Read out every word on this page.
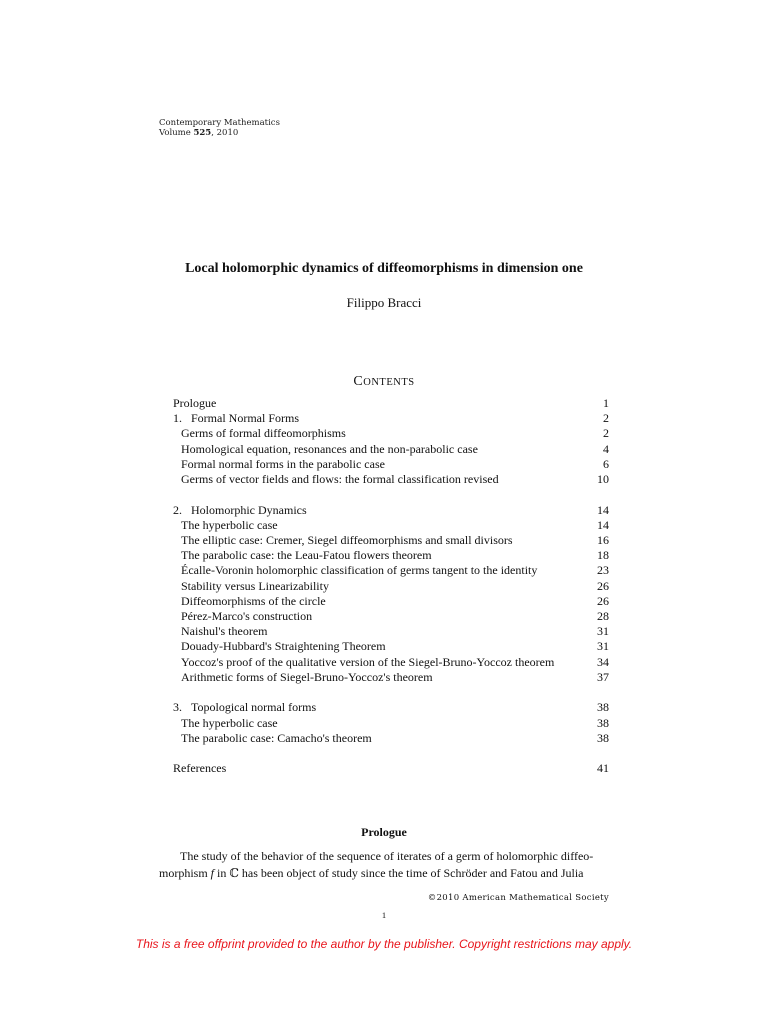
Contemporary Mathematics
Volume 525, 2010
Local holomorphic dynamics of diffeomorphisms in dimension one
Filippo Bracci
CONTENTS
Prologue	1
1. Formal Normal Forms	2
Germs of formal diffeomorphisms	2
Homological equation, resonances and the non-parabolic case	4
Formal normal forms in the parabolic case	6
Germs of vector fields and flows: the formal classification revised	10
2. Holomorphic Dynamics	14
The hyperbolic case	14
The elliptic case: Cremer, Siegel diffeomorphisms and small divisors	16
The parabolic case: the Leau-Fatou flowers theorem	18
Écalle-Voronin holomorphic classification of germs tangent to the identity	23
Stability versus Linearizability	26
Diffeomorphisms of the circle	26
Pérez-Marco's construction	28
Naishul's theorem	31
Douady-Hubbard's Straightening Theorem	31
Yoccoz's proof of the qualitative version of the Siegel-Bruno-Yoccoz theorem	34
Arithmetic forms of Siegel-Bruno-Yoccoz's theorem	37
3. Topological normal forms	38
The hyperbolic case	38
The parabolic case: Camacho's theorem	38
References	41
Prologue
The study of the behavior of the sequence of iterates of a germ of holomorphic diffeo-
morphism f in ℂ has been object of study since the time of Schröder and Fatou and Julia
©2010 American Mathematical Society
1
This is a free offprint provided to the author by the publisher. Copyright restrictions may apply.
